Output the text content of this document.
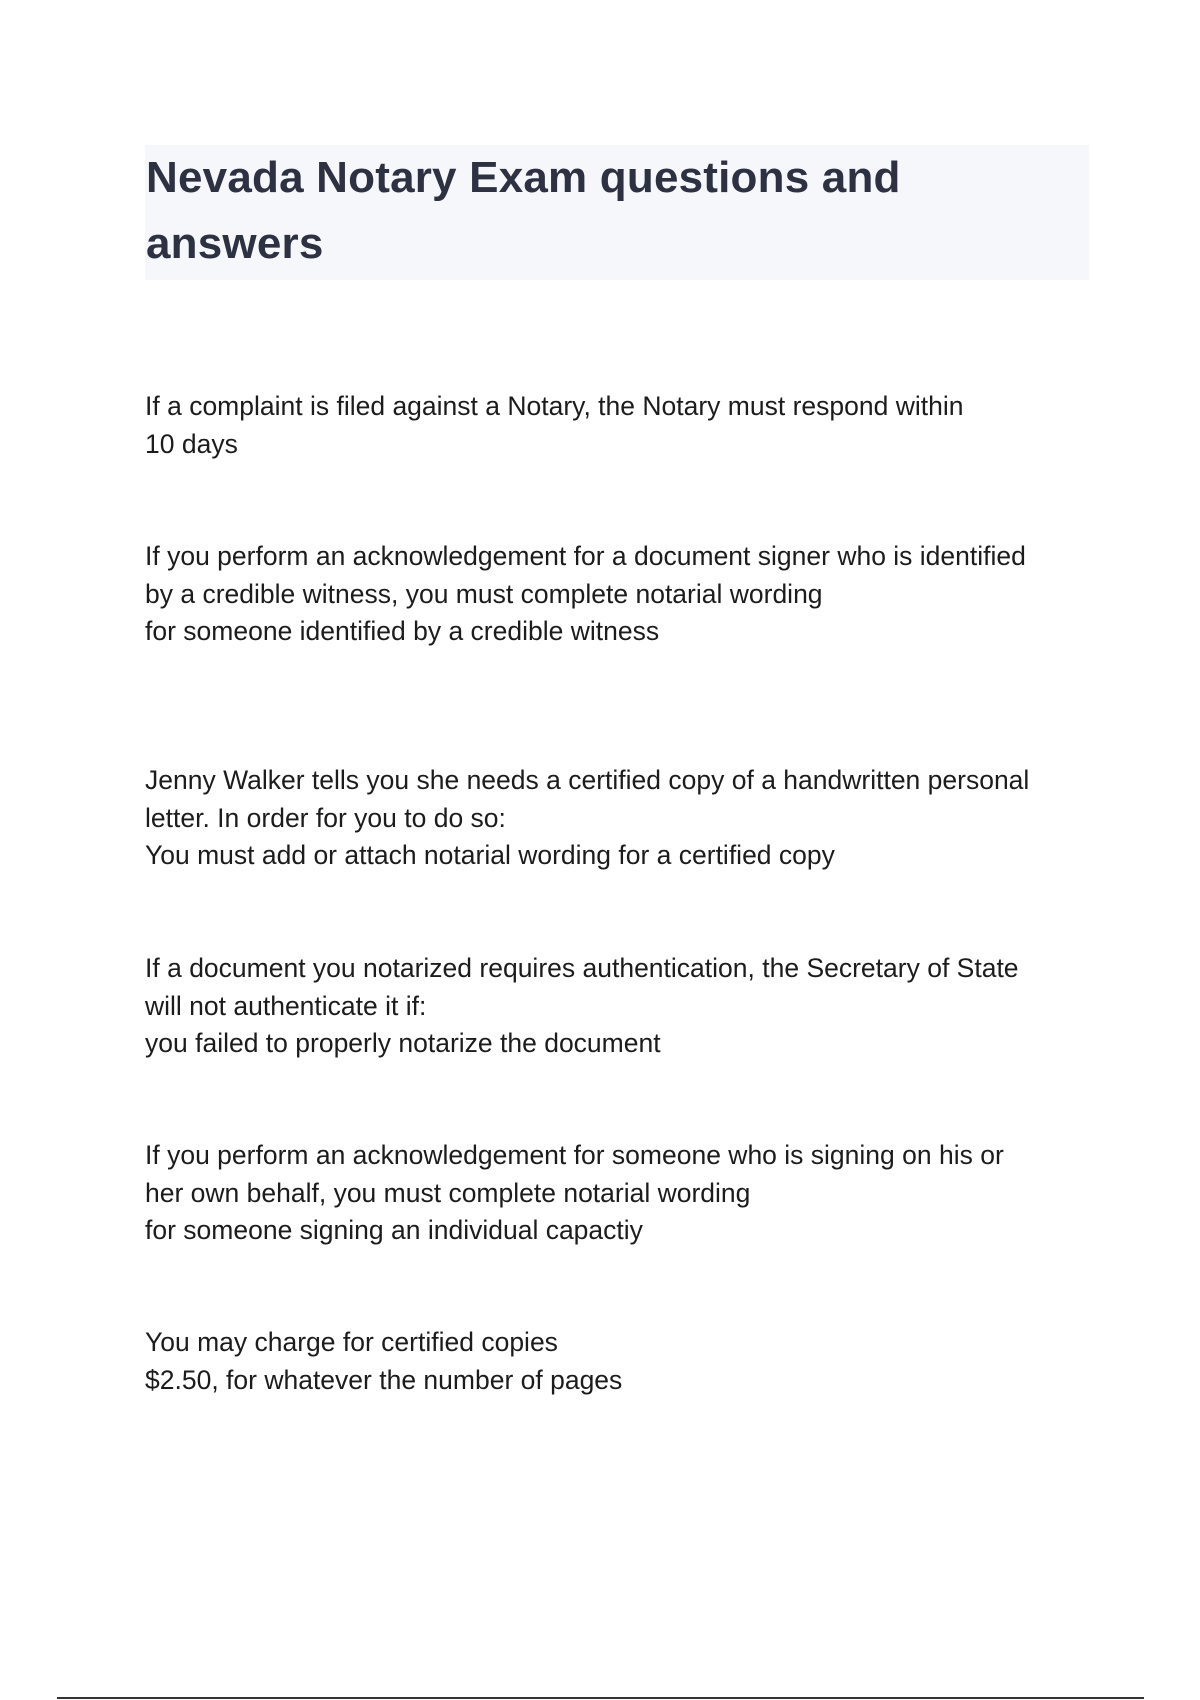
Nevada Notary Exam questions and answers
If a complaint is filed against a Notary, the Notary must respond within
10 days
If you perform an acknowledgement for a document signer who is identified
by a credible witness, you must complete notarial wording
for someone identified by a credible witness
Jenny Walker tells you she needs a certified copy of a handwritten personal
letter. In order for you to do so:
You must add or attach notarial wording for a certified copy
If a document you notarized requires authentication, the Secretary of State
will not authenticate it if:
you failed to properly notarize the document
If you perform an acknowledgement for someone who is signing on his or
her own behalf, you must complete notarial wording
for someone signing an individual capactiy
You may charge for certified copies
$2.50, for whatever the number of pages
